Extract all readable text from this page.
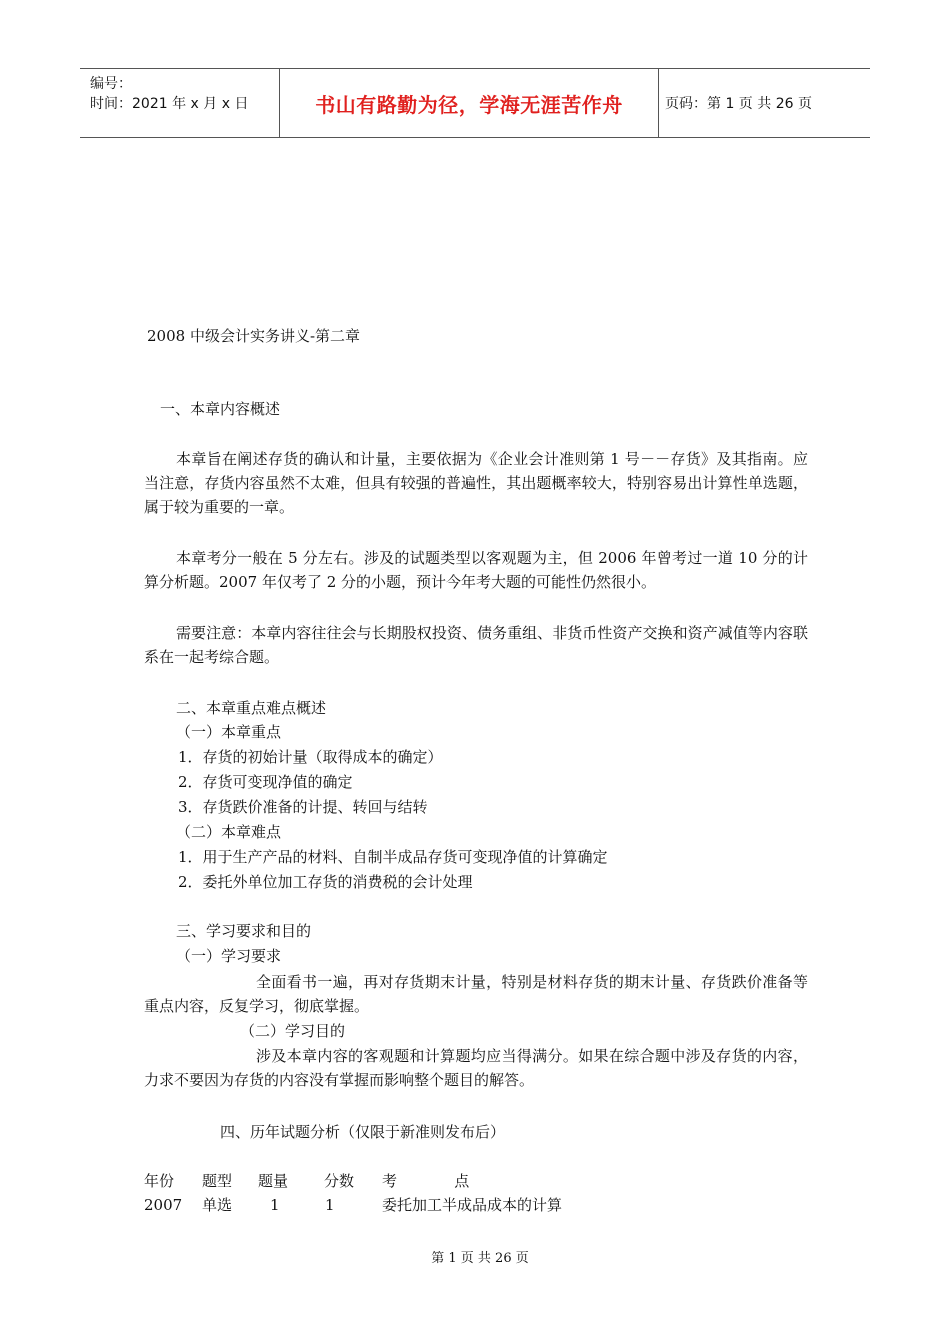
编号：
时间：2021 年 x 月 x 日	书山有路勤为径，学海无涯苦作舟	页码：第 1 页 共 26 页
2008 中级会计实务讲义-第二章
一、本章内容概述
本章旨在阐述存货的确认和计量，主要依据为《企业会计准则第 1 号－－存货》及其指南。应当注意，存货内容虽然不太难，但具有较强的普遍性，其出题概率较大，特别容易出计算性单选题，属于较为重要的一章。
本章考分一般在 5 分左右。涉及的试题类型以客观题为主，但 2006 年曾考过一道 10 分的计算分析题。2007 年仅考了 2 分的小题，预计今年考大题的可能性仍然很小。
需要注意：本章内容往往会与长期股权投资、债务重组、非货币性资产交换和资产减值等内容联系在一起考综合题。
二、本章重点难点概述
（一）本章重点
1．存货的初始计量（取得成本的确定）
2．存货可变现净值的确定
3．存货跌价准备的计提、转回与结转
（二）本章难点
1．用于生产产品的材料、自制半成品存货可变现净值的计算确定
2．委托外单位加工存货的消费税的会计处理
三、学习要求和目的
（一）学习要求
全面看书一遍，再对存货期末计量，特别是材料存货的期末计量、存货跌价准备等重点内容，反复学习，彻底掌握。
（二）学习目的
涉及本章内容的客观题和计算题均应当得满分。如果在综合题中涉及存货的内容，力求不要因为存货的内容没有掌握而影响整个题目的解答。
四、历年试题分析（仅限于新准则发布后）
年份 题型 题量 分数 考            点
2007 单选	1	1	委托加工半成品成本的计算
第 1 页 共 26 页
